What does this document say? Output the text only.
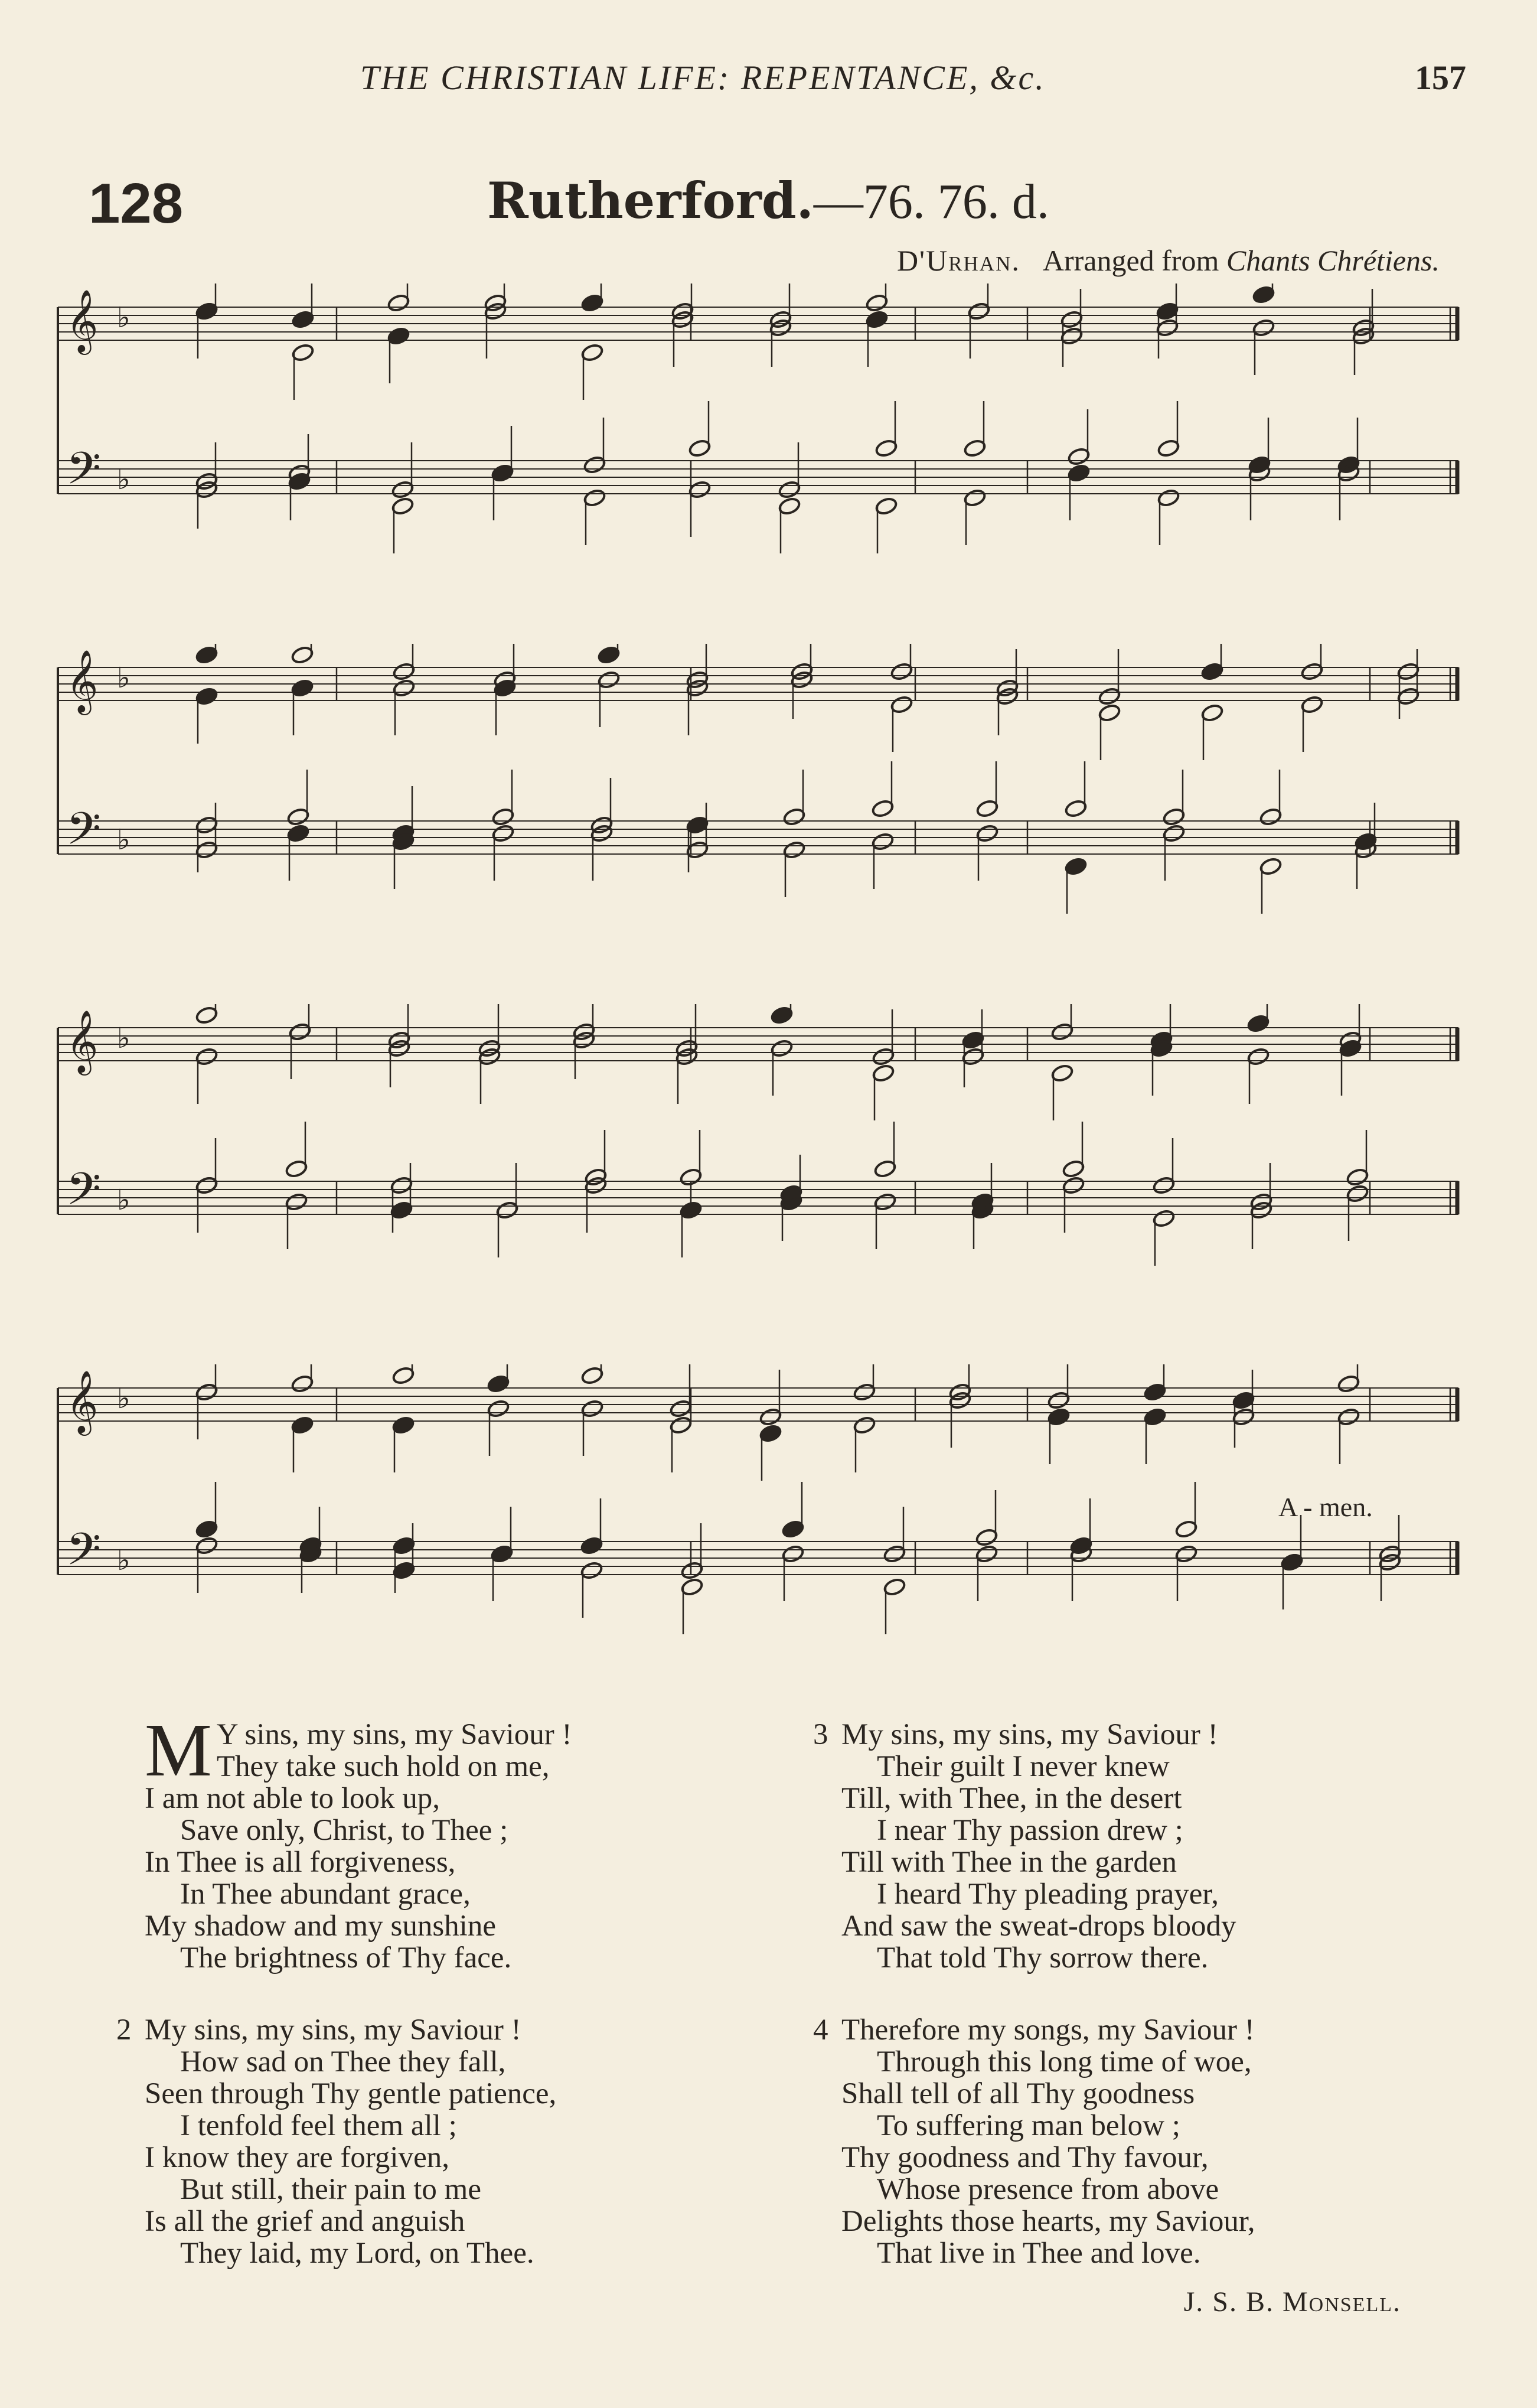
THE CHRISTIAN LIFE: REPENTANCE, &c.	157
128	Rutherford.—76. 76. d.
D'Urhan. Arranged from Chants Chrétiens.
𝄞 ♭
𝄢 ♭
𝄞 ♭
𝄢 ♭
𝄞 ♭
𝄢 ♭
𝄞 ♭
𝄢 ♭
A - men.
M Y sins, my sins, my Saviour !
They take such hold on me,
I am not able to look up,
Save only, Christ, to Thee ;
In Thee is all forgiveness,
In Thee abundant grace,
My shadow and my sunshine
The brightness of Thy face.
2 My sins, my sins, my Saviour !
How sad on Thee they fall,
Seen through Thy gentle patience,
I tenfold feel them all ;
I know they are forgiven,
But still, their pain to me
Is all the grief and anguish
They laid, my Lord, on Thee.
3 My sins, my sins, my Saviour !
Their guilt I never knew
Till, with Thee, in the desert
I near Thy passion drew ;
Till with Thee in the garden
I heard Thy pleading prayer,
And saw the sweat-drops bloody
That told Thy sorrow there.
4 Therefore my songs, my Saviour !
Through this long time of woe,
Shall tell of all Thy goodness
To suffering man below ;
Thy goodness and Thy favour,
Whose presence from above
Delights those hearts, my Saviour,
That live in Thee and love.
J. S. B. Monsell.
